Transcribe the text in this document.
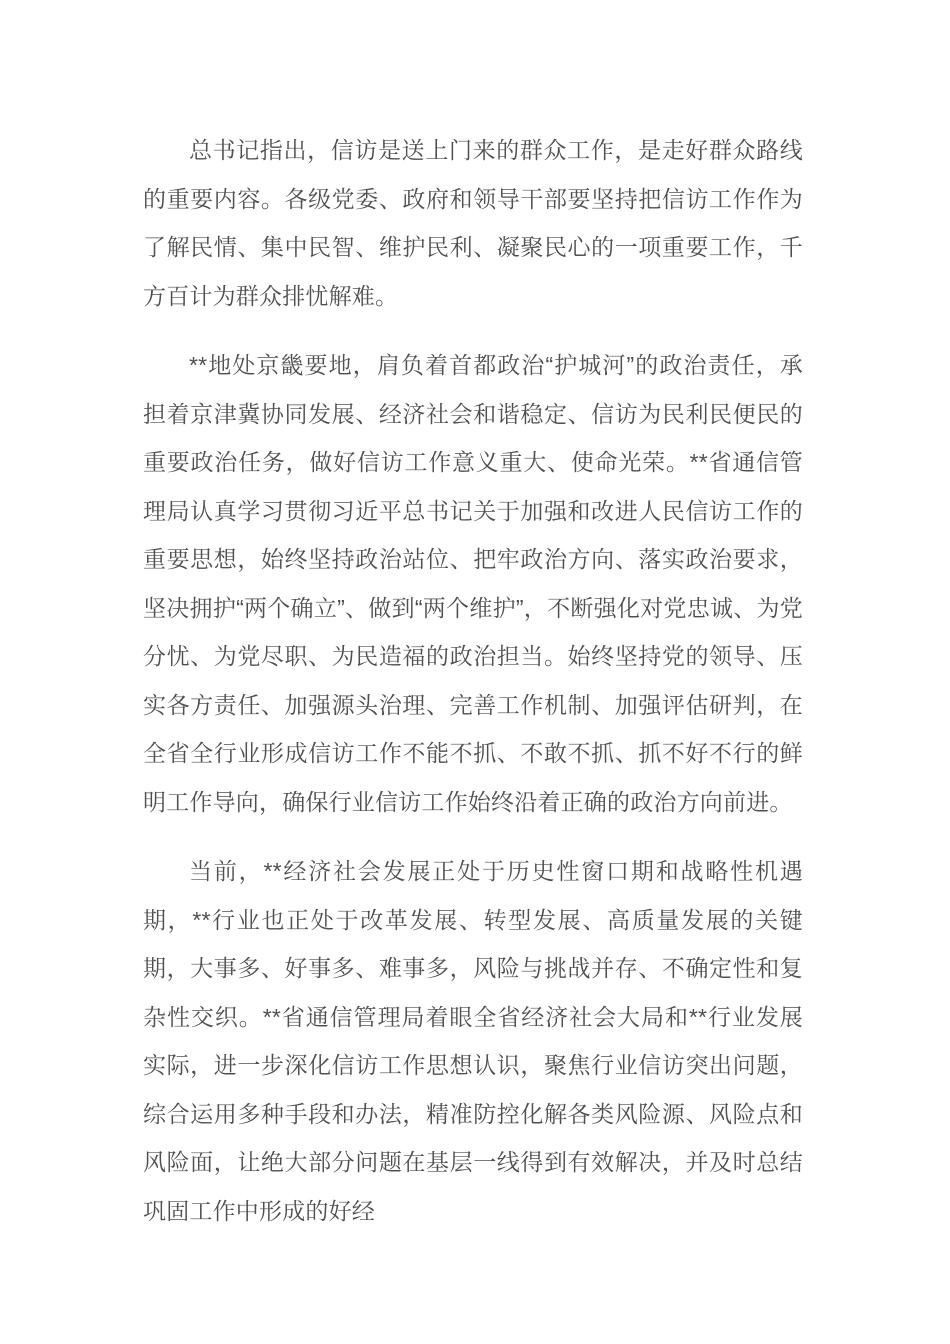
总书记指出，信访是送上门来的群众工作，是走好群众路线的重要内容。各级党委、政府和领导干部要坚持把信访工作作为了解民情、集中民智、维护民利、凝聚民心的一项重要工作，千方百计为群众排忧解难。

**地处京畿要地，肩负着首都政治“护城河”的政治责任，承担着京津冀协同发展、经济社会和谐稳定、信访为民利民便民的重要政治任务，做好信访工作意义重大、使命光荣。**省通信管理局认真学习贯彻习近平总书记关于加强和改进人民信访工作的重要思想，始终坚持政治站位、把牢政治方向、落实政治要求，坚决拥护“两个确立”、做到“两个维护”，不断强化对党忠诚、为党分忧、为党尽职、为民造福的政治担当。始终坚持党的领导、压实各方责任、加强源头治理、完善工作机制、加强评估研判，在全省全行业形成信访工作不能不抓、不敢不抓、抓不好不行的鲜明工作导向，确保行业信访工作始终沿着正确的政治方向前进。

当前，**经济社会发展正处于历史性窗口期和战略性机遇期，**行业也正处于改革发展、转型发展、高质量发展的关键期，大事多、好事多、难事多，风险与挑战并存、不确定性和复杂性交织。**省通信管理局着眼全省经济社会大局和**行业发展实际，进一步深化信访工作思想认识，聚焦行业信访突出问题，综合运用多种手段和办法，精准防控化解各类风险源、风险点和风险面，让绝大部分问题在基层一线得到有效解决，并及时总结巩固工作中形成的好经
